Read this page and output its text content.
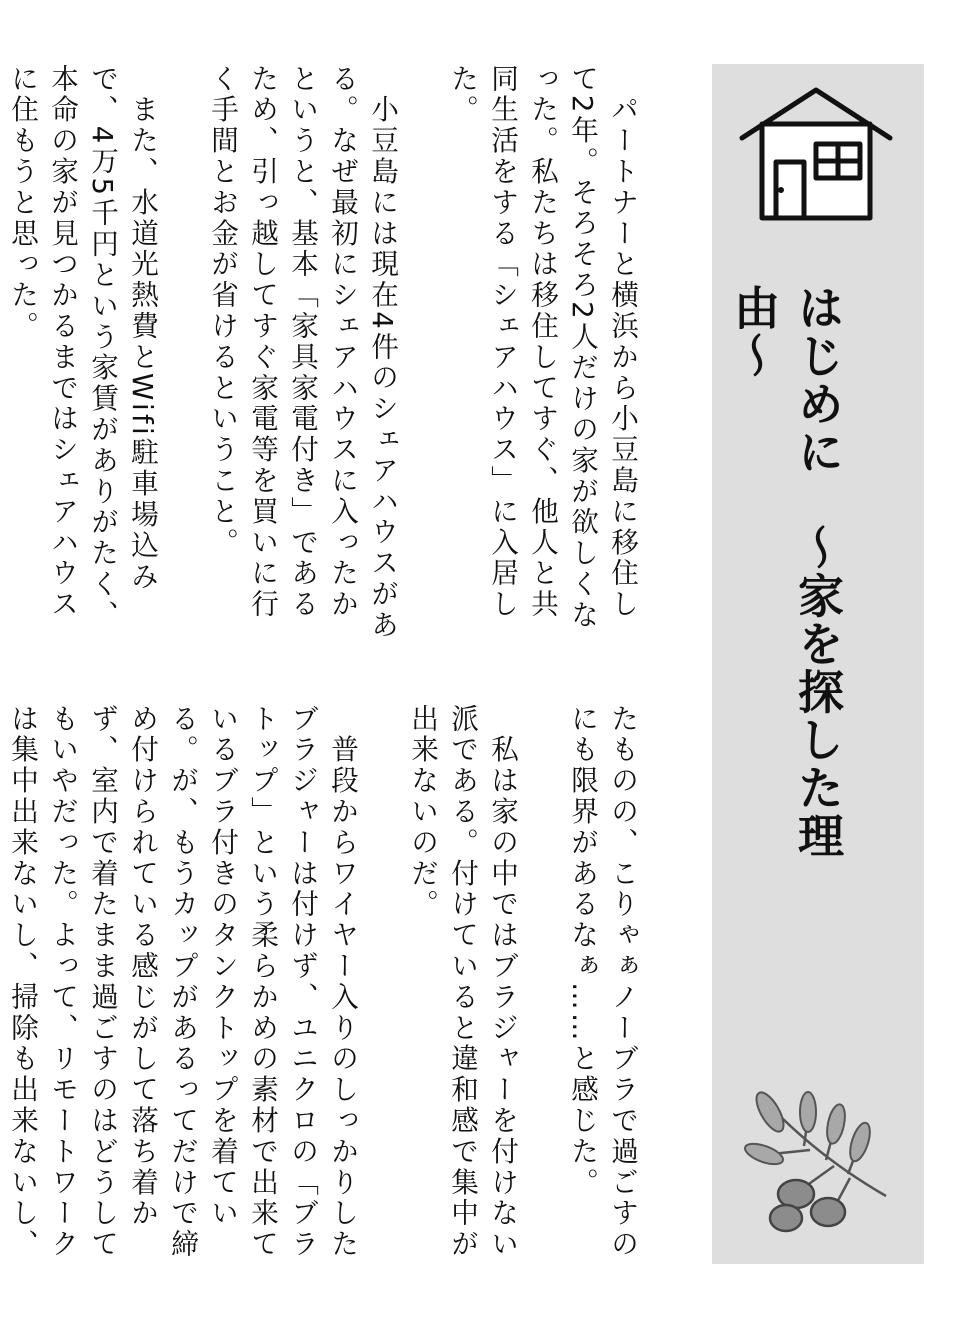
はじめに　～家を探した理由～

　パートナーと横浜から小豆島に移住して2年。そろそろ2人だけの家が欲しくなった。私たちは移住してすぐ、他人と共同生活をする「シェアハウス」に入居した。

　小豆島には現在4件のシェアハウスがある。なぜ最初にシェアハウスに入ったかというと、基本「家具家電付き」であるため、引っ越してすぐ家電等を買いに行く手間とお金が省けるということ。

　また、水道光熱費とWifi駐車場込みで、4万5千円という家賃がありがたく、本命の家が見つかるまではシェアハウスに住もうと思った。

たものの、こりゃぁノーブラで過ごすのにも限界があるなぁ……と感じた。

　私は家の中ではブラジャーを付けない派である。付けていると違和感で集中が出来ないのだ。

　普段からワイヤー入りのしっかりしたブラジャーは付けず、ユニクロの「ブラトップ」という柔らかめの素材で出来ているブラ付きのタンクトップを着ている。が、もうカップがあるってだけで締め付けられている感じがして落ち着かず、室内で着たまま過ごすのはどうしてもいやだった。よって、リモートワークは集中出来ないし、掃除も出来ないし、
